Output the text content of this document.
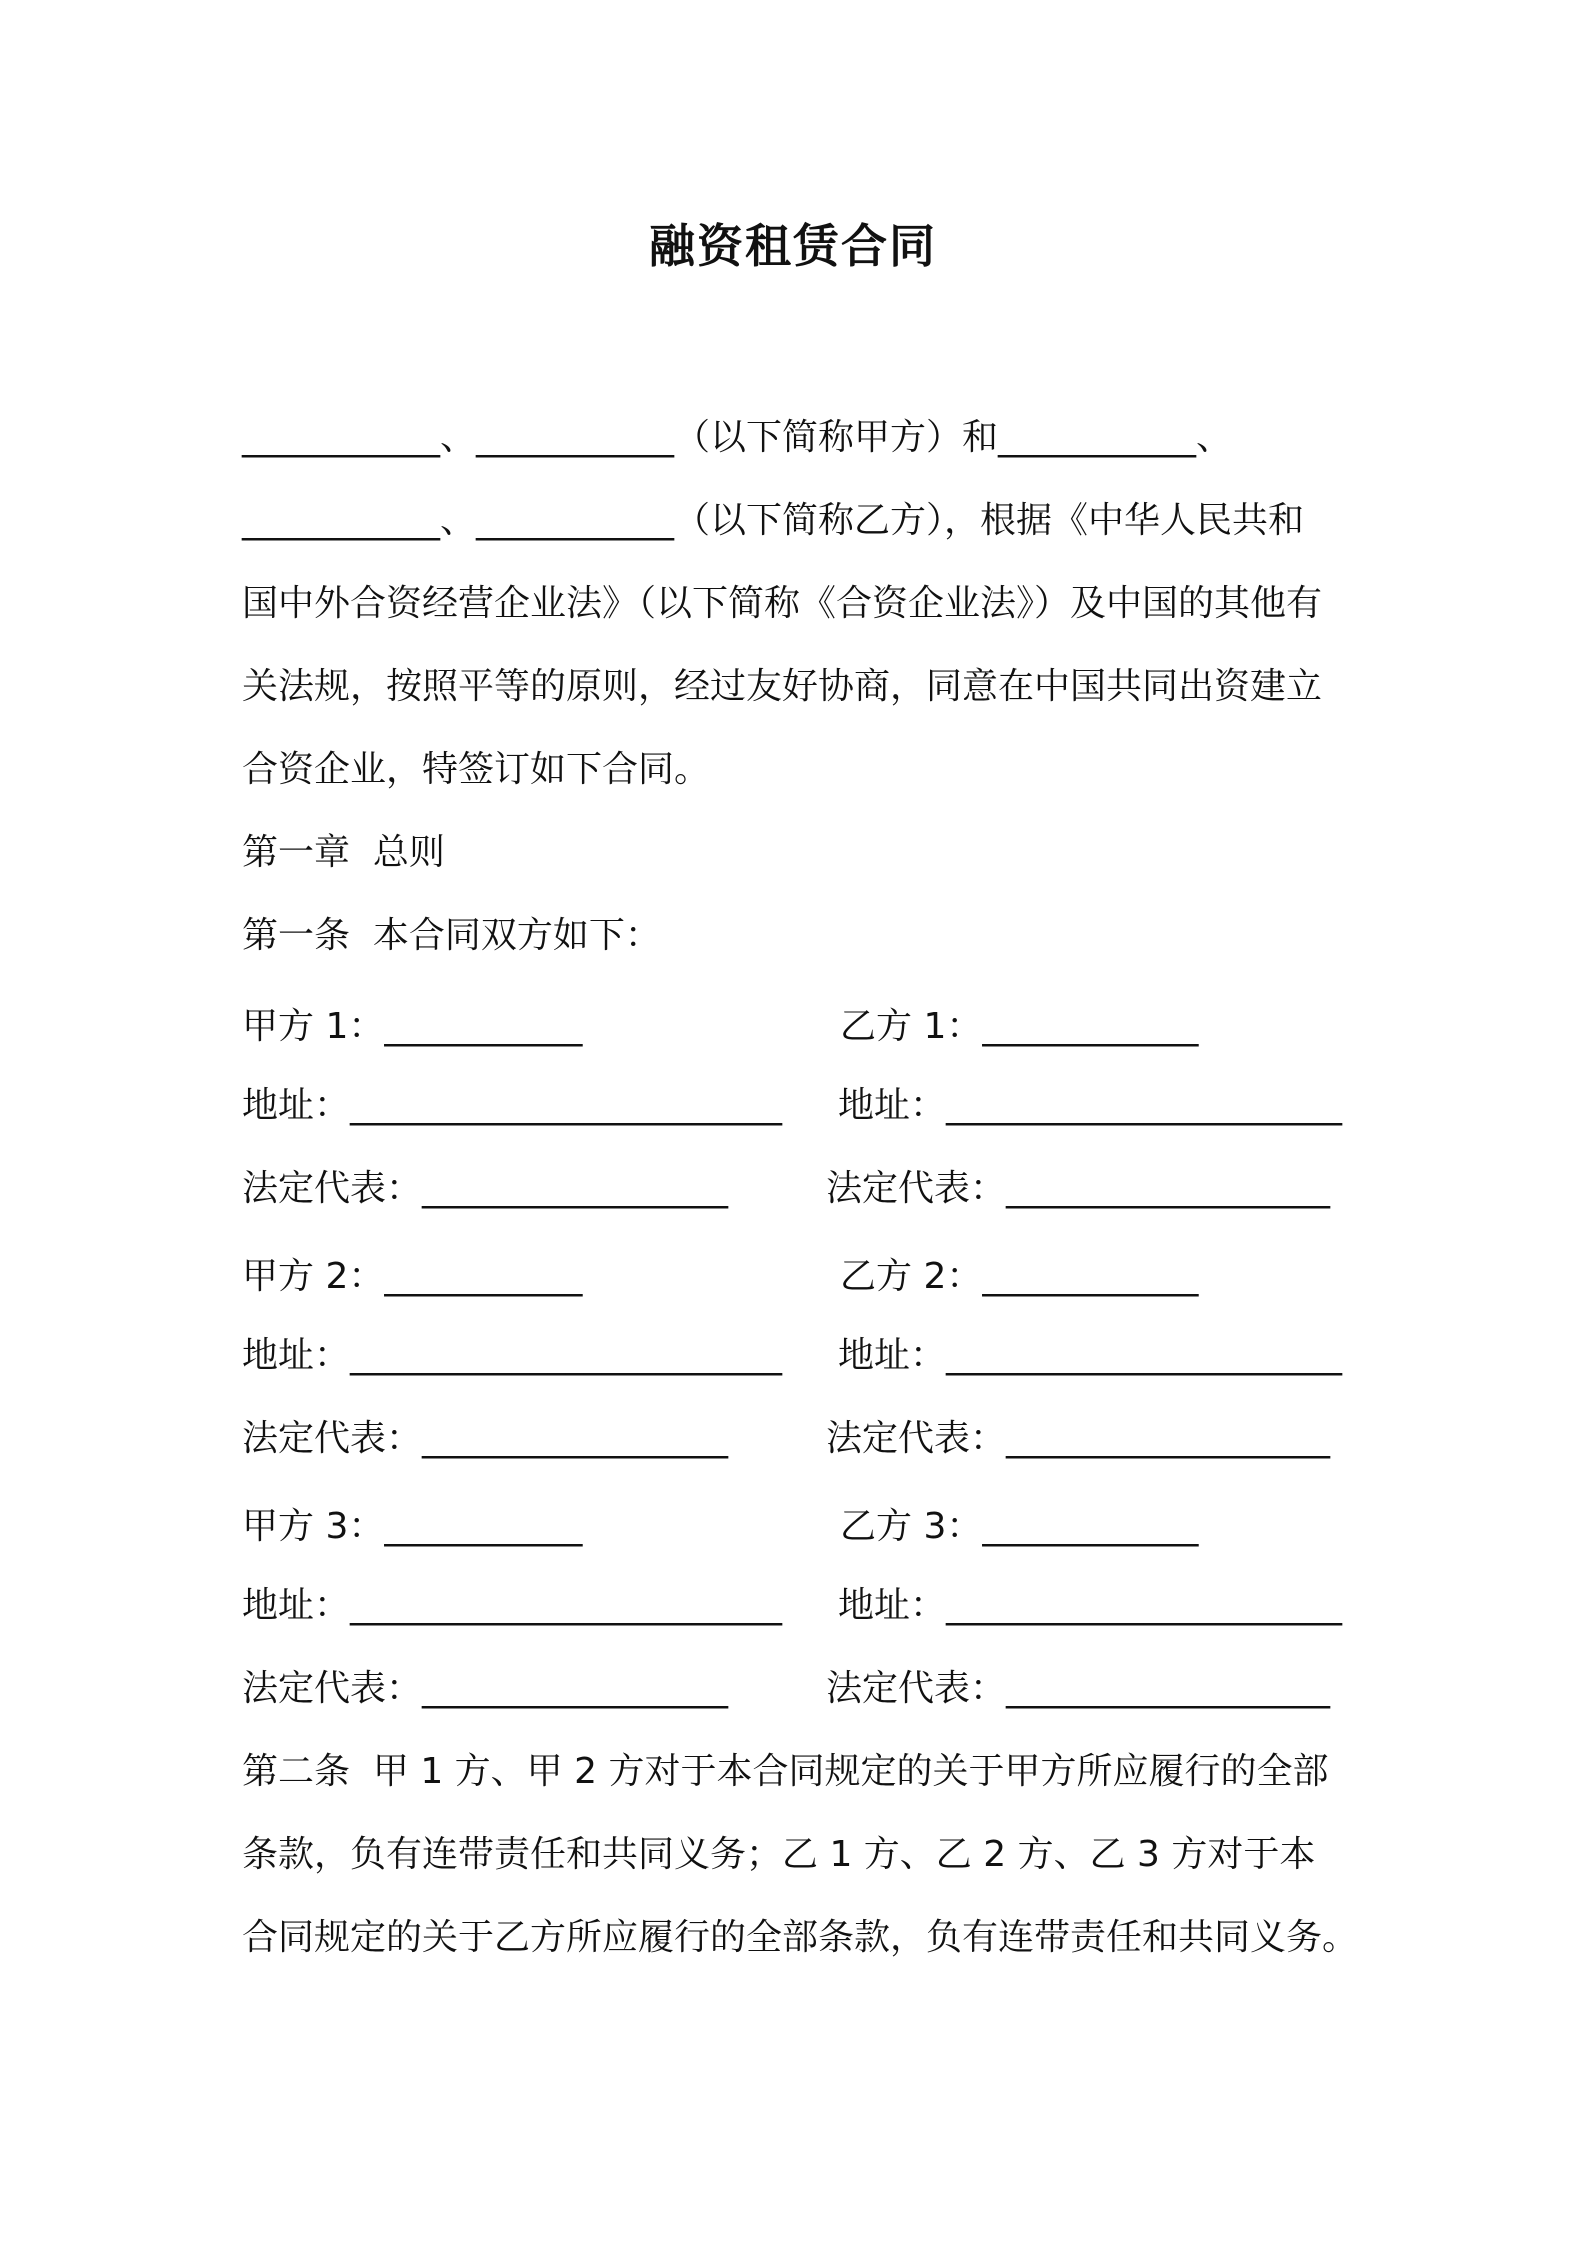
融资租赁合同
___________、___________（以下简称甲方）和___________、
___________、___________（以下简称乙方），根据《中华人民共和
国中外合资经营企业法》（以下简称《合资企业法》）及中国的其他有
关法规，按照平等的原则，经过友好协商，同意在中国共同出资建立
合资企业，特签订如下合同。
第一章  总则
第一条  本合同双方如下：
甲方 1：___________	乙方 1：____________
地址：________________________ 地址：______________________
法定代表：_________________	法定代表：__________________
甲方 2：___________	乙方 2：____________
地址：________________________ 地址：______________________
法定代表：_________________	法定代表：__________________
甲方 3：___________	乙方 3：____________
地址：________________________ 地址：______________________
法定代表：_________________	法定代表：__________________
第二条  甲 1 方、甲 2 方对于本合同规定的关于甲方所应履行的全部
条款，负有连带责任和共同义务；乙 1 方、乙 2 方、乙 3 方对于本
合同规定的关于乙方所应履行的全部条款，负有连带责任和共同义务。
